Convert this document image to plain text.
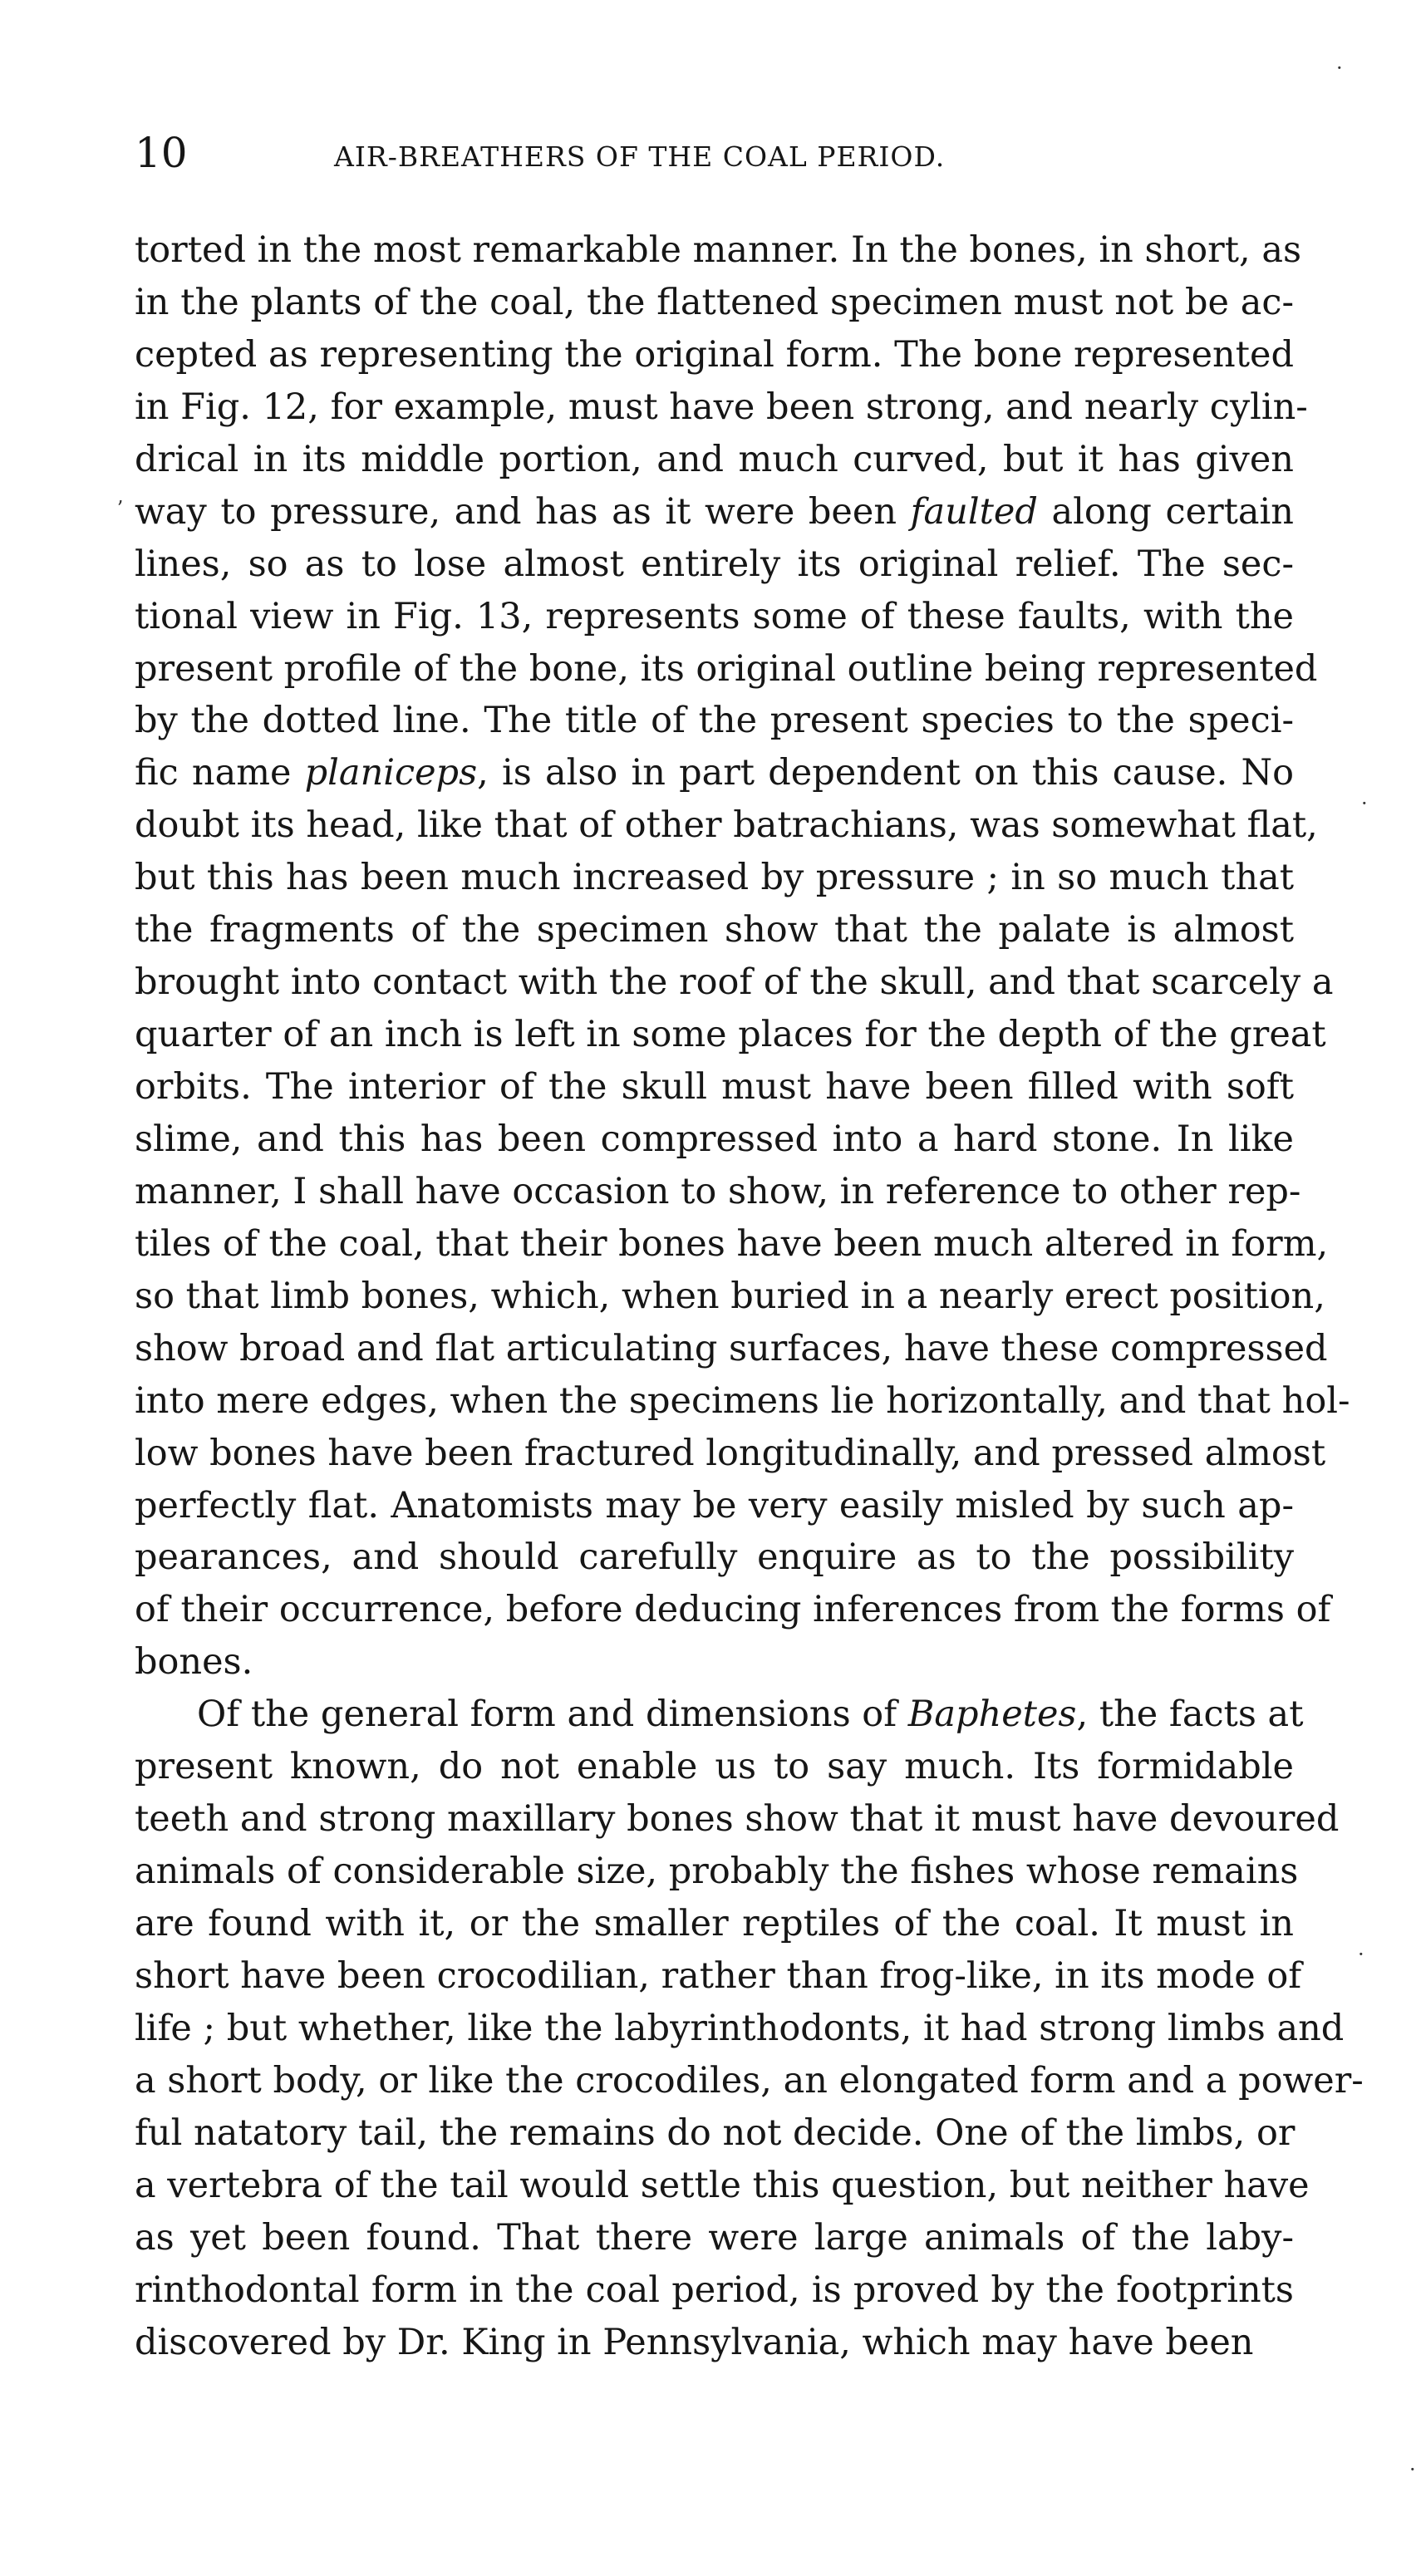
10	AIR-BREATHERS OF THE COAL PERIOD.
torted in the most remarkable manner. In the bones, in short, as
in the plants of the coal, the flattened specimen must not be ac-
cepted as representing the original form. The bone represented
in Fig. 12, for example, must have been strong, and nearly cylin-
drical in its middle portion, and much curved, but it has given
way to pressure, and has as it were been faulted along certain
lines, so as to lose almost entirely its original relief. The sec-
tional view in Fig. 13, represents some of these faults, with the
present profile of the bone, its original outline being represented
by the dotted line. The title of the present species to the speci-
fic name planiceps, is also in part dependent on this cause. No
doubt its head, like that of other batrachians, was somewhat flat,
but this has been much increased by pressure ; in so much that
the fragments of the specimen show that the palate is almost
brought into contact with the roof of the skull, and that scarcely a
quarter of an inch is left in some places for the depth of the great
orbits. The interior of the skull must have been filled with soft
slime, and this has been compressed into a hard stone. In like
manner, I shall have occasion to show, in reference to other rep-
tiles of the coal, that their bones have been much altered in form,
so that limb bones, which, when buried in a nearly erect position,
show broad and flat articulating surfaces, have these compressed
into mere edges, when the specimens lie horizontally, and that hol-
low bones have been fractured longitudinally, and pressed almost
perfectly flat. Anatomists may be very easily misled by such ap-
pearances, and should carefully enquire as to the possibility
of their occurrence, before deducing inferences from the forms of
bones.
Of the general form and dimensions of Baphetes, the facts at
present known, do not enable us to say much. Its formidable
teeth and strong maxillary bones show that it must have devoured
animals of considerable size, probably the fishes whose remains
are found with it, or the smaller reptiles of the coal. It must in
short have been crocodilian, rather than frog-like, in its mode of
life ; but whether, like the labyrinthodonts, it had strong limbs and
a short body, or like the crocodiles, an elongated form and a power-
ful natatory tail, the remains do not decide. One of the limbs, or
a vertebra of the tail would settle this question, but neither have
as yet been found. That there were large animals of the laby-
rinthodontal form in the coal period, is proved by the footprints
discovered by Dr. King in Pennsylvania, which may have been
·
·
·
·
ʼ
